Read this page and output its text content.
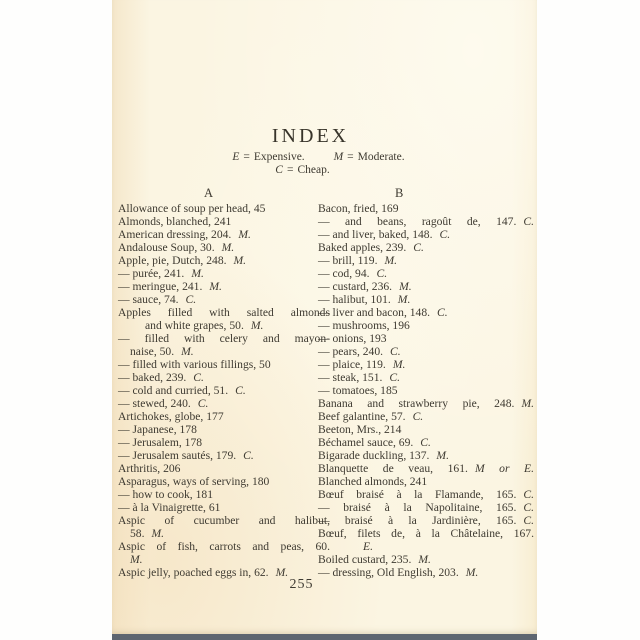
INDEX
E = Expensive.	M = Moderate.
C = Cheap.
A	B
Allowance of soup per head, 45
Almonds, blanched, 241
American dressing, 204. M.
Andalouse Soup, 30. M.
Apple, pie, Dutch, 248. M.
— purée, 241. M.
— meringue, 241. M.
— sauce, 74. C.
Apples filled with salted almonds
and white grapes, 50. M.
— filled with celery and mayon-
naise, 50. M.
— filled with various fillings, 50
— baked, 239. C.
— cold and curried, 51. C.
— stewed, 240. C.
Artichokes, globe, 177
— Japanese, 178
— Jerusalem, 178
— Jerusalem sautés, 179. C.
Arthritis, 206
Asparagus, ways of serving, 180
— how to cook, 181
— à la Vinaigrette, 61
Aspic of cucumber and halibut,
58. M.
Aspic of fish, carrots and peas, 60.
M.
Aspic jelly, poached eggs in, 62. M.
Bacon, fried, 169
— and beans, ragoût de, 147. C.
— and liver, baked, 148. C.
Baked apples, 239. C.
— brill, 119. M.
— cod, 94. C.
— custard, 236. M.
— halibut, 101. M.
— liver and bacon, 148. C.
— mushrooms, 196
— onions, 193
— pears, 240. C.
— plaice, 119. M.
— steak, 151. C.
— tomatoes, 185
Banana and strawberry pie, 248. M.
Beef galantine, 57. C.
Beeton, Mrs., 214
Béchamel sauce, 69. C.
Bigarade duckling, 137. M.
Blanquette de veau, 161. M or E.
Blanched almonds, 241
Bœuf braisé à la Flamande, 165. C.
— braisé à la Napolitaine, 165. C.
— braisé à la Jardinière, 165. C.
Bœuf, filets de, à la Châtelaine, 167.
E.
Boiled custard, 235. M.
— dressing, Old English, 203. M.
255
